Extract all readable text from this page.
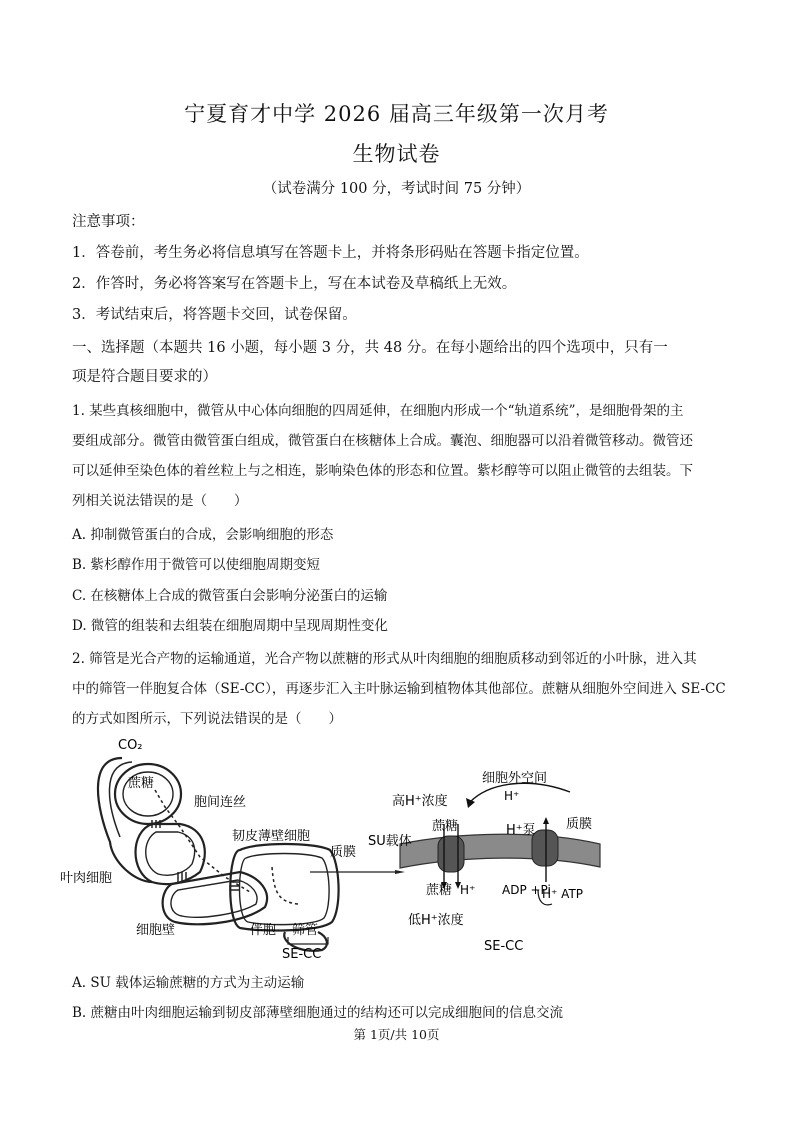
宁夏育才中学 2026 届高三年级第一次月考
生物试卷
（试卷满分 100 分，考试时间 75 分钟）
注意事项：
1．答卷前，考生务必将信息填写在答题卡上，并将条形码贴在答题卡指定位置。
2．作答时，务必将答案写在答题卡上，写在本试卷及草稿纸上无效。
3．考试结束后，将答题卡交回，试卷保留。
一、选择题（本题共 16 小题，每小题 3 分，共 48 分。在每小题给出的四个选项中，只有一
项是符合题目要求的）
1. 某些真核细胞中，微管从中心体向细胞的四周延伸，在细胞内形成一个“轨道系统”，是细胞骨架的主
要组成部分。微管由微管蛋白组成，微管蛋白在核糖体上合成。囊泡、细胞器可以沿着微管移动。微管还
可以延伸至染色体的着丝粒上与之相连，影响染色体的形态和位置。紫杉醇等可以阻止微管的去组装。下
列相关说法错误的是（　　）
A. 抑制微管蛋白的合成，会影响细胞的形态
B. 紫杉醇作用于微管可以使细胞周期变短
C. 在核糖体上合成的微管蛋白会影响分泌蛋白的运输
D. 微管的组装和去组装在细胞周期中呈现周期性变化
2. 筛管是光合产物的运输通道，光合产物以蔗糖的形式从叶肉细胞的细胞质移动到邻近的小叶脉，进入其
中的筛管一伴胞复合体（SE-CC），再逐步汇入主叶脉运输到植物体其他部位。蔗糖从细胞外空间进入 SE-CC
的方式如图所示，下列说法错误的是（　　）
CO₂
蔗糖
胞间连丝
韧皮薄壁细胞
质膜
叶肉细胞
细胞壁	伴胞 筛管
SE-CC
细胞外空间
高H⁺浓度	H⁺
SU载体
蔗糖	H⁺泵 质膜
蔗糖 H⁺ ADP +Pi
H⁺ ATP
低H⁺浓度
SE-CC
A. SU 载体运输蔗糖的方式为主动运输
B. 蔗糖由叶肉细胞运输到韧皮部薄壁细胞通过的结构还可以完成细胞间的信息交流
第 1页/共 10页
